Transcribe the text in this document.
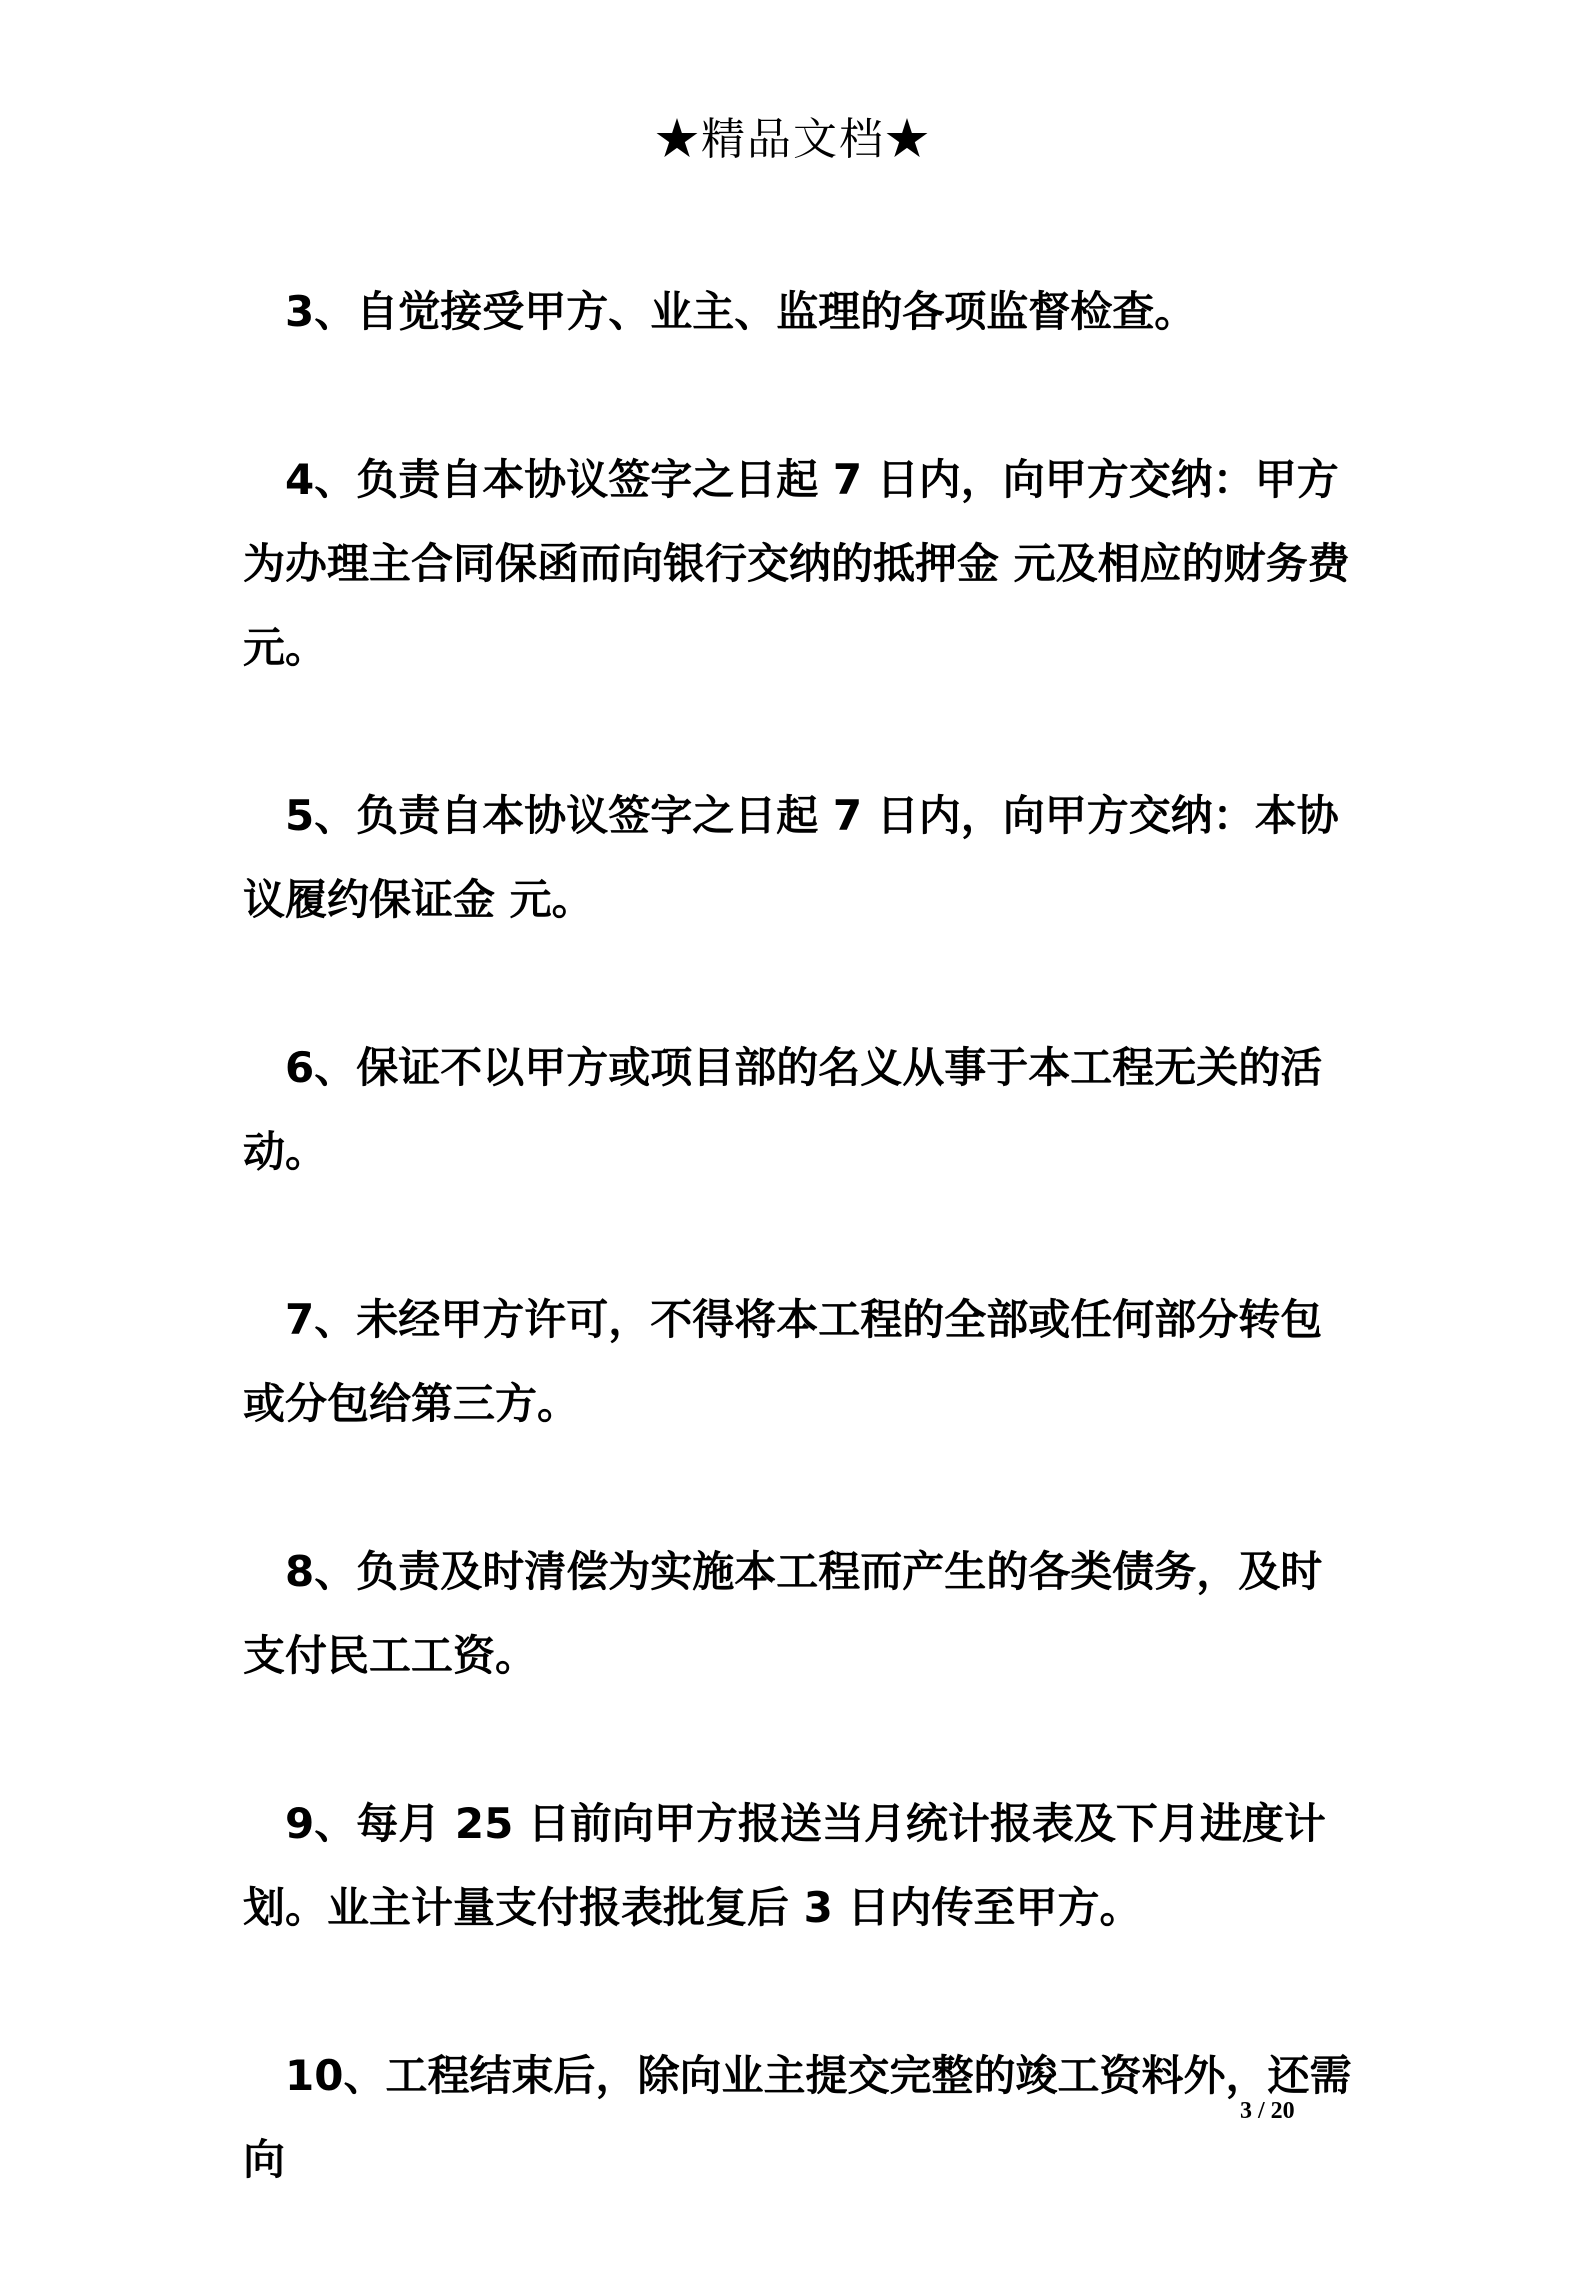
★精品文档★

3、自觉接受甲方、业主、监理的各项监督检查。

4、负责自本协议签字之日起 7 日内，向甲方交纳：甲方为办理主合同保函而向银行交纳的抵押金 元及相应的财务费 元。

5、负责自本协议签字之日起 7 日内，向甲方交纳：本协议履约保证金 元。

6、保证不以甲方或项目部的名义从事于本工程无关的活动。

7、未经甲方许可，不得将本工程的全部或任何部分转包或分包给第三方。

8、负责及时清偿为实施本工程而产生的各类债务，及时支付民工工资。

9、每月 25 日前向甲方报送当月统计报表及下月进度计划。业主计量支付报表批复后 3 日内传至甲方。

10、工程结束后，除向业主提交完整的竣工资料外，还需向

3 / 20
